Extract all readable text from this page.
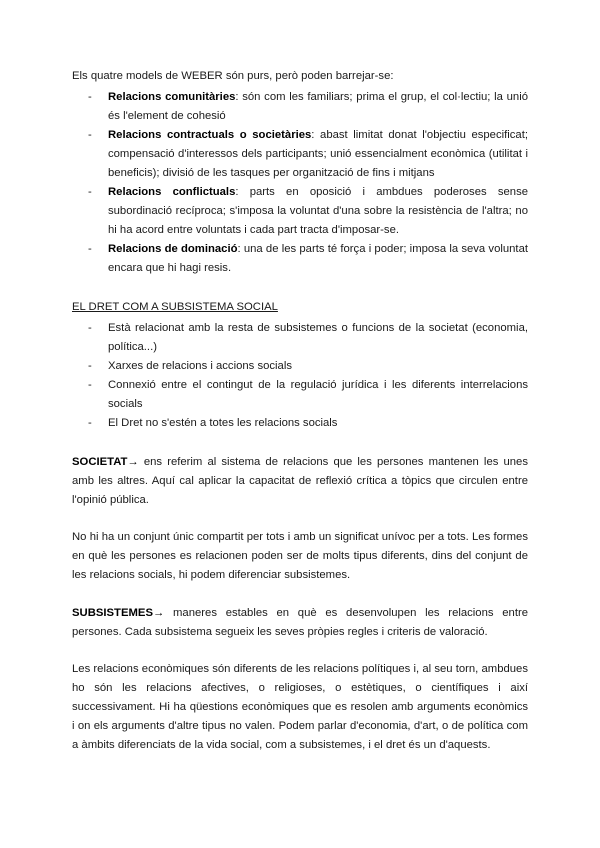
Els quatre models de WEBER són purs, però poden barrejar-se:

- Relacions comunitàries: són com les familiars; prima el grup, el col·lectiu; la unió és l'element de cohesió
- Relacions contractuals o societàries: abast limitat donat l'objectiu especificat; compensació d'interessos dels participants; unió essencialment econòmica (utilitat i beneficis); divisió de les tasques per organització de fins i mitjans
- Relacions conflictuals: parts en oposició i ambdues poderoses sense subordinació recíproca; s'imposa la voluntat d'una sobre la resistència de l'altra; no hi ha acord entre voluntats i cada part tracta d'imposar-se.
- Relacions de dominació: una de les parts té força i poder; imposa la seva voluntat encara que hi hagi resis.

EL DRET COM A SUBSISTEMA SOCIAL

- Està relacionat amb la resta de subsistemes o funcions de la societat (economia, política...)
- Xarxes de relacions i accions socials
- Connexió entre el contingut de la regulació jurídica i les diferents interrelacions socials
- El Dret no s'estén a totes les relacions socials

SOCIETAT→ ens referim al sistema de relacions que les persones mantenen les unes amb les altres. Aquí cal aplicar la capacitat de reflexió crítica a tòpics que circulen entre l'opinió pública.

No hi ha un conjunt únic compartit per tots i amb un significat unívoc per a tots. Les formes en què les persones es relacionen poden ser de molts tipus diferents, dins del conjunt de les relacions socials, hi podem diferenciar subsistemes.

SUBSISTEMES→ maneres estables en què es desenvolupen les relacions entre persones. Cada subsistema segueix les seves pròpies regles i criteris de valoració.

Les relacions econòmiques són diferents de les relacions polítiques i, al seu torn, ambdues ho són les relacions afectives, o religioses, o estètiques, o científiques i així successivament. Hi ha qüestions econòmiques que es resolen amb arguments econòmics i on els arguments d'altre tipus no valen. Podem parlar d'economia, d'art, o de política com a àmbits diferenciats de la vida social, com a subsistemes, i el dret és un d'aquests.
